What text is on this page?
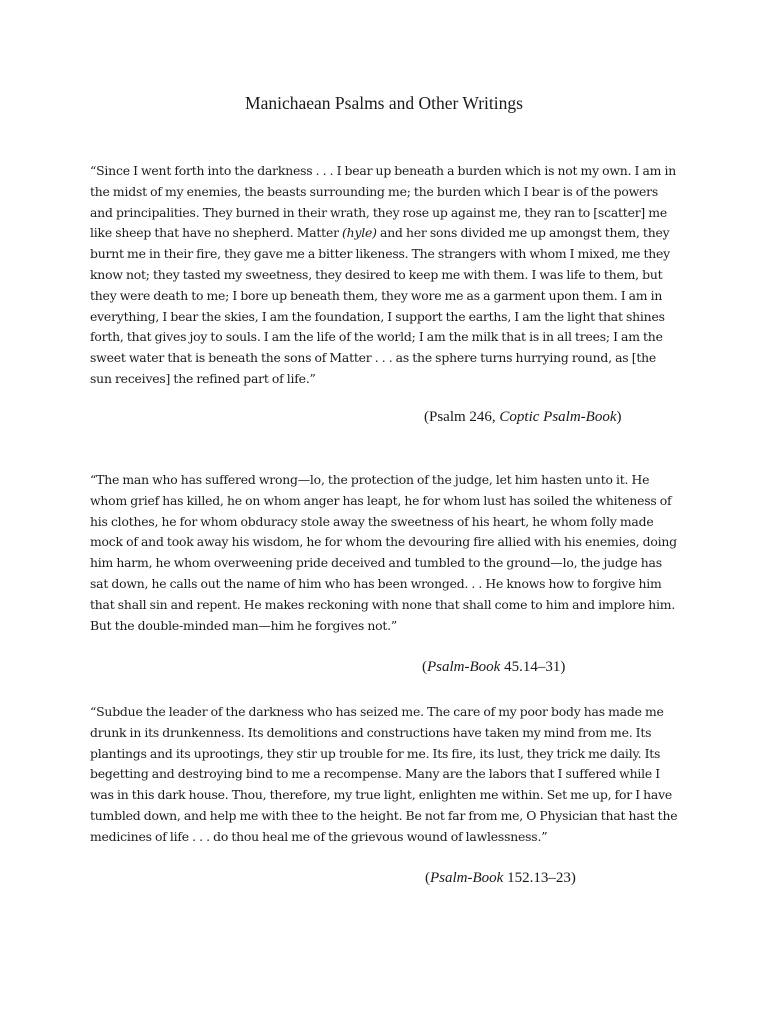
Manichaean Psalms and Other Writings

“Since I went forth into the darkness . . . I bear up beneath a burden which is not my own. I am in the midst of my enemies, the beasts surrounding me; the burden which I bear is of the powers and principalities. They burned in their wrath, they rose up against me, they ran to [scatter] me like sheep that have no shepherd. Matter (hyle) and her sons divided me up amongst them, they burnt me in their fire, they gave me a bitter likeness. The strangers with whom I mixed, me they know not; they tasted my sweetness, they desired to keep me with them. I was life to them, but they were death to me; I bore up beneath them, they wore me as a garment upon them. I am in everything, I bear the skies, I am the foundation, I support the earths, I am the light that shines forth, that gives joy to souls. I am the life of the world; I am the milk that is in all trees; I am the sweet water that is beneath the sons of Matter . . . as the sphere turns hurrying round, as [the sun receives] the refined part of life.”

(Psalm 246, Coptic Psalm-Book)

“The man who has suffered wrong—lo, the protection of the judge, let him hasten unto it. He whom grief has killed, he on whom anger has leapt, he for whom lust has soiled the whiteness of his clothes, he for whom obduracy stole away the sweetness of his heart, he whom folly made mock of and took away his wisdom, he for whom the devouring fire allied with his enemies, doing him harm, he whom overweening pride deceived and tumbled to the ground—lo, the judge has sat down, he calls out the name of him who has been wronged. . . He knows how to forgive him that shall sin and repent. He makes reckoning with none that shall come to him and implore him. But the double-minded man—him he forgives not.”

(Psalm-Book 45.14–31)

“Subdue the leader of the darkness who has seized me. The care of my poor body has made me drunk in its drunkenness. Its demolitions and constructions have taken my mind from me. Its plantings and its uprootings, they stir up trouble for me. Its fire, its lust, they trick me daily. Its begetting and destroying bind to me a recompense. Many are the labors that I suffered while I was in this dark house. Thou, therefore, my true light, enlighten me within. Set me up, for I have tumbled down, and help me with thee to the height. Be not far from me, O Physician that hast the medicines of life . . . do thou heal me of the grievous wound of lawlessness.”

(Psalm-Book 152.13–23)
